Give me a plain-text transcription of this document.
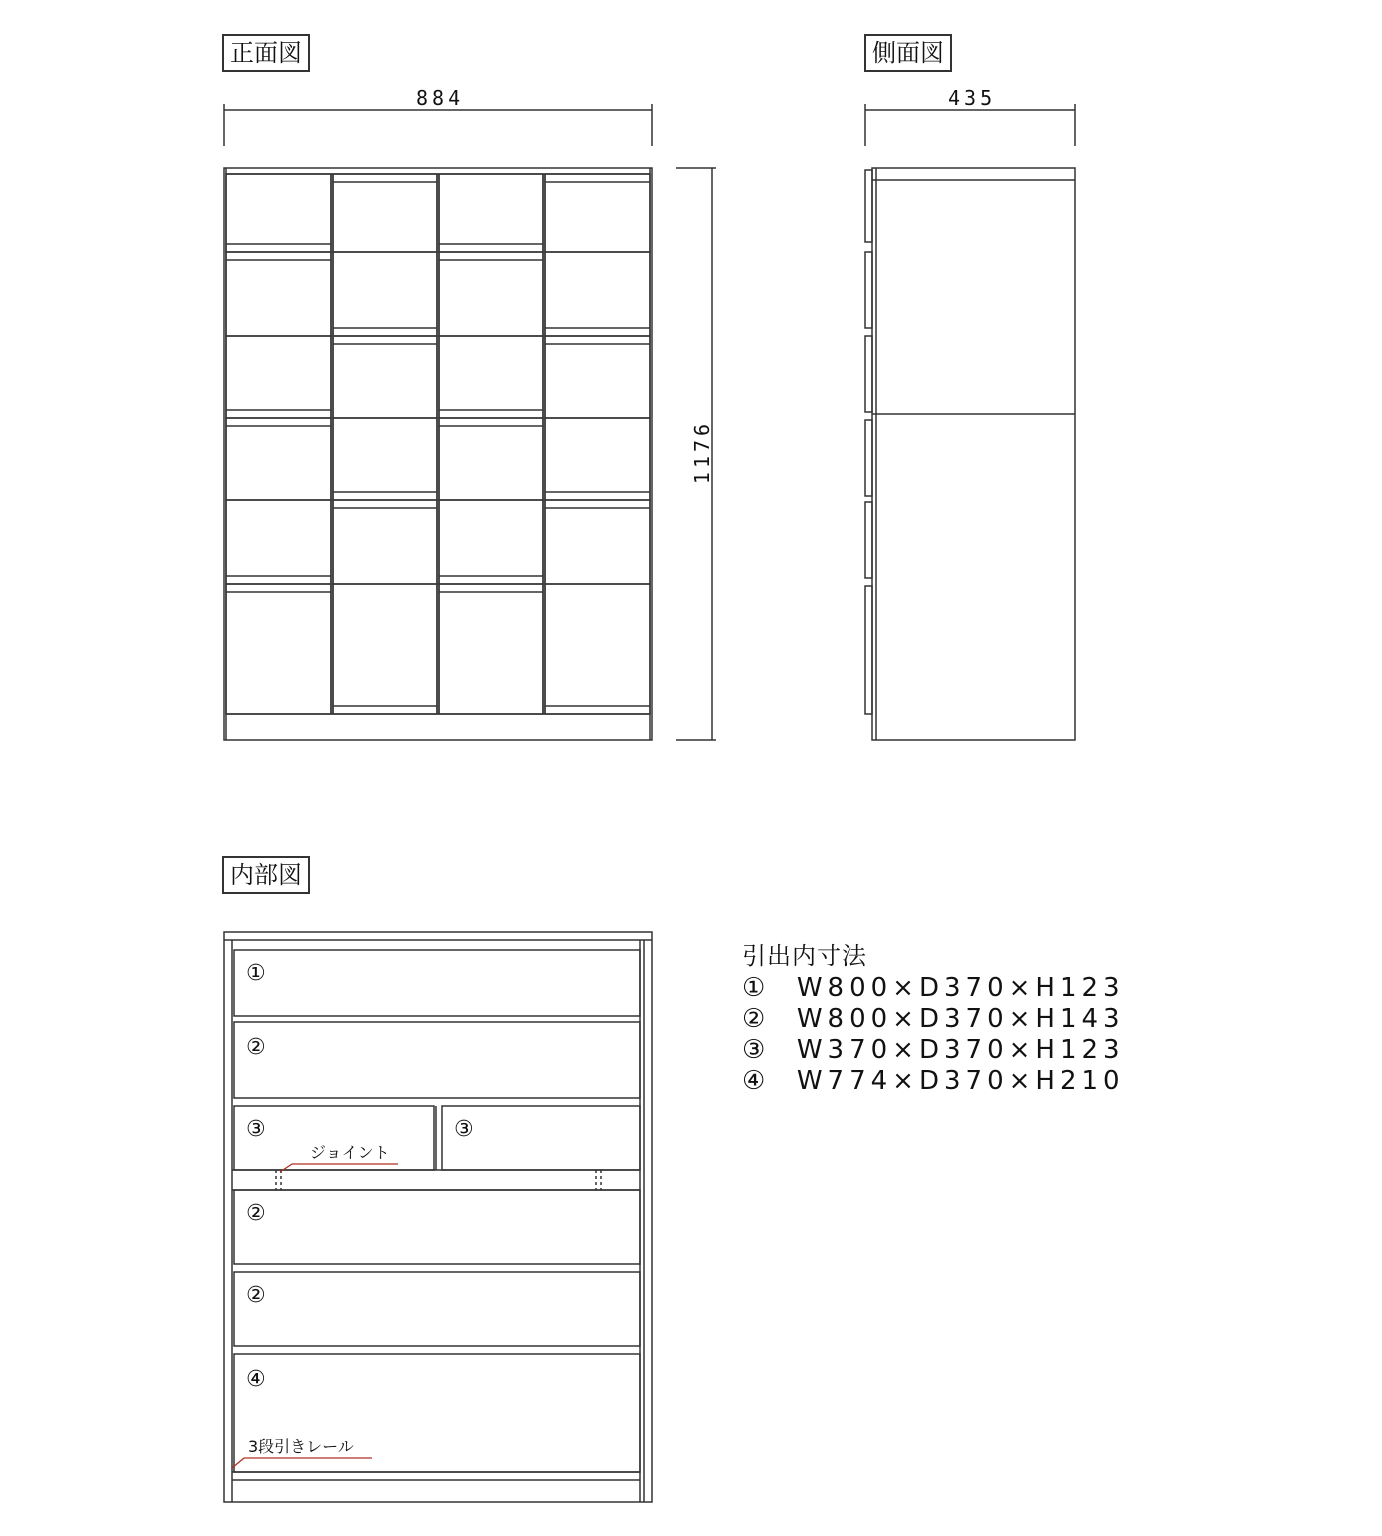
正面図	側面図
内部図
884	435
1176
①
②
③	③
②
②
④
ジョイント
3段引きレール
引出内寸法
① W800×D370×H123
② W800×D370×H143
③ W370×D370×H123
④ W774×D370×H210
